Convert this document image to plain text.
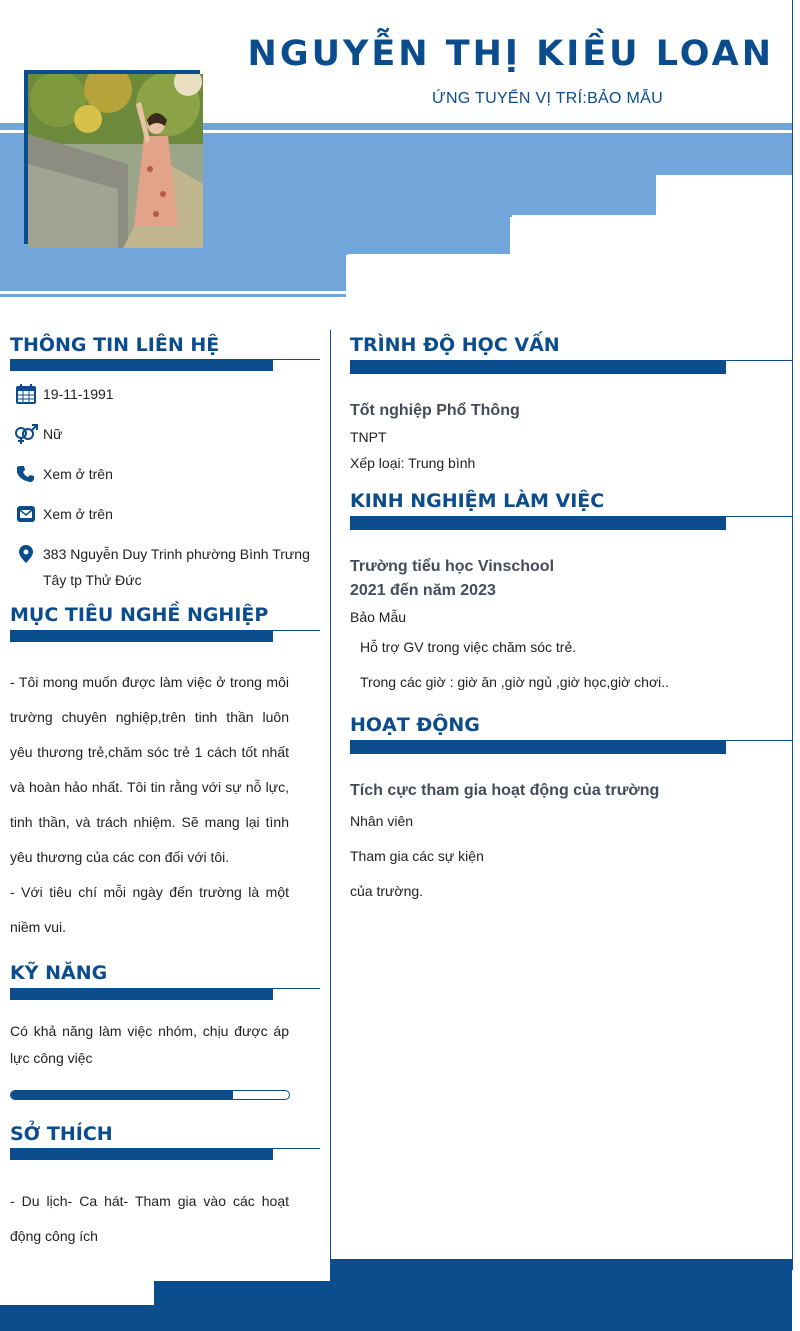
NGUYỄN THỊ KIỀU LOAN

ỨNG TUYỂN VỊ TRÍ:BẢO MẪU

THÔNG TIN LIÊN HỆ
19-11-1991
Nữ
Xem ở trên
Xem ở trên
383 Nguyễn Duy Trinh phường Bình Trưng Tây tp Thử Đức
MỤC TIÊU NGHỀ NGHIỆP

- Tôi mong muốn được làm việc ở trong môi trường chuyên nghiệp,trên tinh thần luôn yêu thương trẻ,chăm sóc trẻ 1 cách tốt nhất và hoàn hảo nhất. Tôi tin rằng với sự nỗ lực, tinh thần, và trách nhiệm. Sẽ mang lại tình yêu thương của các con đối với tôi.

- Với tiêu chí mỗi ngày đến trường là một niềm vui.

KỸ NĂNG

Có khả năng làm việc nhóm, chịu được áp lực công việc

SỞ THÍCH

- Du lịch- Ca hát- Tham gia vào các hoạt động công ích

TRÌNH ĐỘ HỌC VẤN

Tốt nghiệp Phổ Thông

TNPT

Xếp loại: Trung bình

KINH NGHIỆM LÀM VIỆC

Trường tiểu học Vinschool

2021 đến năm 2023

Bảo Mẫu

Hỗ trợ GV trong việc chăm sóc trẻ.

Trong các giờ : giờ ăn ,giờ ngủ ,giờ học,giờ chơi..

HOẠT ĐỘNG

Tích cực tham gia hoạt động của trường

Nhân viên

Tham gia các sự kiện

của trường.
